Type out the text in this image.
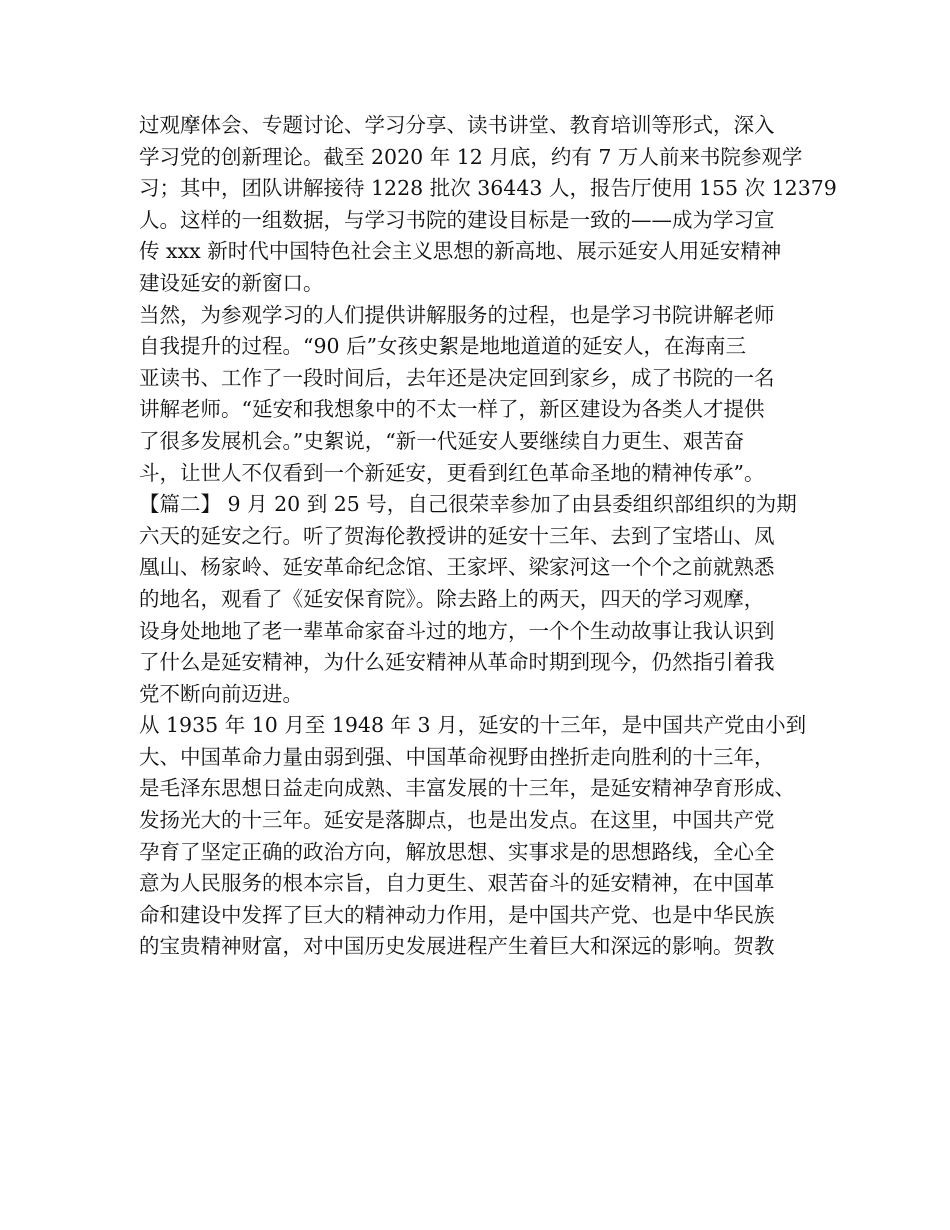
过观摩体会、专题讨论、学习分享、读书讲堂、教育培训等形式，深入
学习党的创新理论。截至 2020 年 12 月底，约有 7 万人前来书院参观学
习；其中，团队讲解接待 1228 批次 36443 人，报告厅使用 155 次 12379
人。这样的一组数据，与学习书院的建设目标是一致的——成为学习宣
传 xxx 新时代中国特色社会主义思想的新高地、展示延安人用延安精神
建设延安的新窗口。
当然，为参观学习的人们提供讲解服务的过程，也是学习书院讲解老师
自我提升的过程。“90 后”女孩史絮是地地道道的延安人，在海南三
亚读书、工作了一段时间后，去年还是决定回到家乡，成了书院的一名
讲解老师。“延安和我想象中的不太一样了，新区建设为各类人才提供
了很多发展机会。”史絮说，“新一代延安人要继续自力更生、艰苦奋
斗，让世人不仅看到一个新延安，更看到红色革命圣地的精神传承”。
【篇二】 9 月 20 到 25 号，自己很荣幸参加了由县委组织部组织的为期
六天的延安之行。听了贺海伦教授讲的延安十三年、去到了宝塔山、凤
凰山、杨家岭、延安革命纪念馆、王家坪、梁家河这一个个之前就熟悉
的地名，观看了《延安保育院》。除去路上的两天，四天的学习观摩，
设身处地地了老一辈革命家奋斗过的地方，一个个生动故事让我认识到
了什么是延安精神，为什么延安精神从革命时期到现今，仍然指引着我
党不断向前迈进。
从 1935 年 10 月至 1948 年 3 月，延安的十三年，是中国共产党由小到
大、中国革命力量由弱到强、中国革命视野由挫折走向胜利的十三年，
是毛泽东思想日益走向成熟、丰富发展的十三年，是延安精神孕育形成、
发扬光大的十三年。延安是落脚点，也是出发点。在这里，中国共产党
孕育了坚定正确的政治方向，解放思想、实事求是的思想路线，全心全
意为人民服务的根本宗旨，自力更生、艰苦奋斗的延安精神，在中国革
命和建设中发挥了巨大的精神动力作用，是中国共产党、也是中华民族
的宝贵精神财富，对中国历史发展进程产生着巨大和深远的影响。贺教
